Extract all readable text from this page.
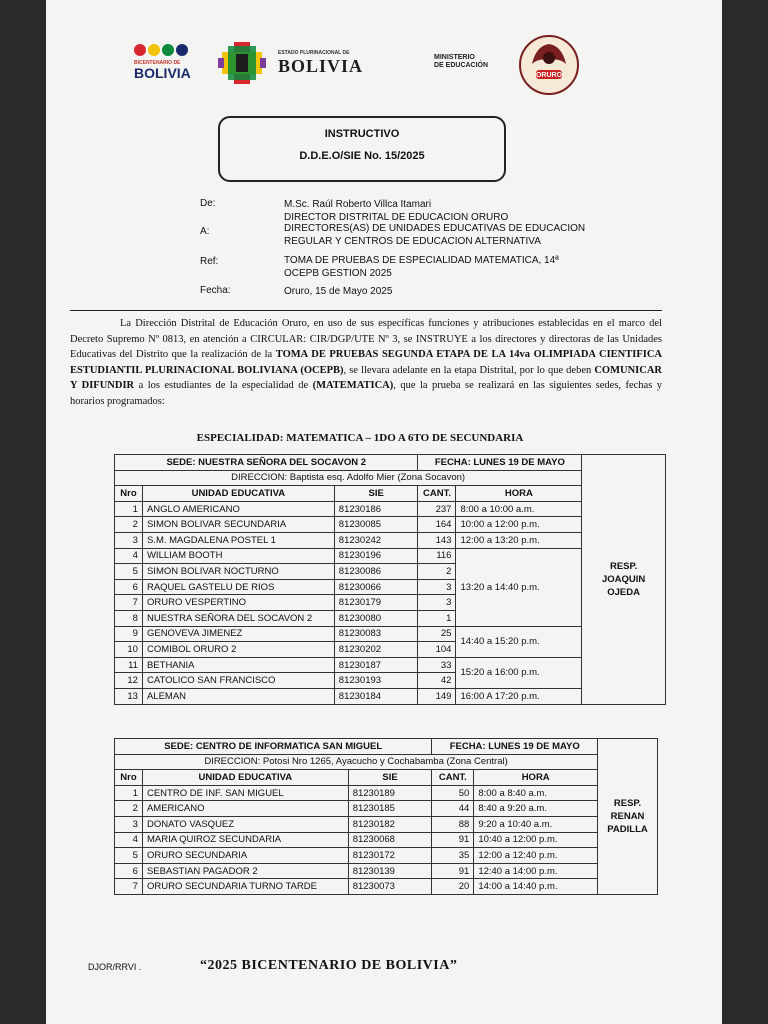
BICENTENARIO DE
BOLIVIA
ESTADO PLURINACIONAL DE
BOLIVIA	MINISTERIO
DE EDUCACIÓN
ORURO
INSTRUCTIVO
D.D.E.O/SIE No. 15/2025
De:	M.Sc. Raúl Roberto Villca Itamari
DIRECTOR DISTRITAL DE EDUCACION ORURO
A:	DIRECTORES(AS) DE UNIDADES EDUCATIVAS DE EDUCACION
REGULAR Y CENTROS DE EDUCACION ALTERNATIVA
Ref:	TOMA DE PRUEBAS DE ESPECIALIDAD MATEMATICA, 14ª
OCEPB GESTION 2025
Fecha:	Oruro, 15 de Mayo 2025
La Dirección Distrital de Educación Oruro, en uso de sus específicas funciones y atribuciones establecidas en el marco del Decreto Supremo Nº 0813, en atención a CIRCULAR: CIR/DGP/UTE Nº 3, se INSTRUYE a los directores y directoras de las Unidades Educativas del Distrito que la realización de la TOMA DE PRUEBAS SEGUNDA ETAPA DE LA 14va OLIMPIADA CIENTIFICA ESTUDIANTIL PLURINACIONAL BOLIVIANA (OCEPB), se llevara adelante en la etapa Distrital, por lo que deben COMUNICAR Y DIFUNDIR a los estudiantes de la especialidad de (MATEMATICA), que la prueba se realizará en las siguientes sedes, fechas y horarios programados:
ESPECIALIDAD: MATEMATICA – 1DO A 6TO DE SECUNDARIA
SEDE: NUESTRA SEÑORA DEL SOCAVON 2			FECHA: LUNES 19 DE MAYO		RESP.
JOAQUIN
OJEDA

DIRECCION: Baptista esq. Adolfo Mier (Zona Socavon)					
Nro	UNIDAD EDUCATIVA	SIE	CANT.	HORA	
1	ANGLO AMERICANO	81230186	237	8:00 a 10:00 a.m.	
2	SIMON BOLIVAR SECUNDARIA	81230085	164	10:00 a 12:00 p.m.	
3	S.M. MAGDALENA POSTEL 1	81230242	143	12:00 a 13:20 p.m.	
4	WILLIAM BOOTH	81230196	116	13:20 a 14:40 p.m.	
5	SIMON BOLIVAR NOCTURNO	81230086	2		
6	RAQUEL GASTELU DE RIOS	81230066	3		
7	ORURO VESPERTINO	81230179	3		
8	NUESTRA SEÑORA DEL SOCAVON 2	81230080	1		
9	GENOVEVA JIMENEZ	81230083	25	14:40 a 15:20 p.m.	
10	COMIBOL ORURO 2	81230202	104		
11	BETHANIA	81230187	33	15:20 a 16:00 p.m.	
12	CATOLICO SAN FRANCISCO	81230193	42		
13	ALEMAN	81230184	149	16:00 A 17:20 p.m.	
SEDE: CENTRO DE INFORMATICA SAN MIGUEL			FECHA: LUNES 19 DE MAYO		RESP.
RENAN
PADILLA

DIRECCION: Potosi Nro 1265, Ayacucho y Cochabamba (Zona Central)					
Nro	UNIDAD EDUCATIVA	SIE	CANT.	HORA	
1	CENTRO DE INF. SAN MIGUEL	81230189	50	8:00 a 8:40 a.m.	
2	AMERICANO	81230185	44	8:40 a 9:20 a.m.	
3	DONATO VASQUEZ	81230182	88	9:20 a 10:40 a.m.	
4	MARIA QUIROZ SECUNDARIA	81230068	91	10:40 a 12:00 p.m.	
5	ORURO SECUNDARIA	81230172	35	12:00 a 12:40 p.m.	
6	SEBASTIAN PAGADOR 2	81230139	91	12:40 a 14:00 p.m.	
7	ORURO SECUNDARIA TURNO TARDE	81230073	20	14:00 a 14:40 p.m.	
DJOR/RRVI .	“2025 BICENTENARIO DE BOLIVIA”
